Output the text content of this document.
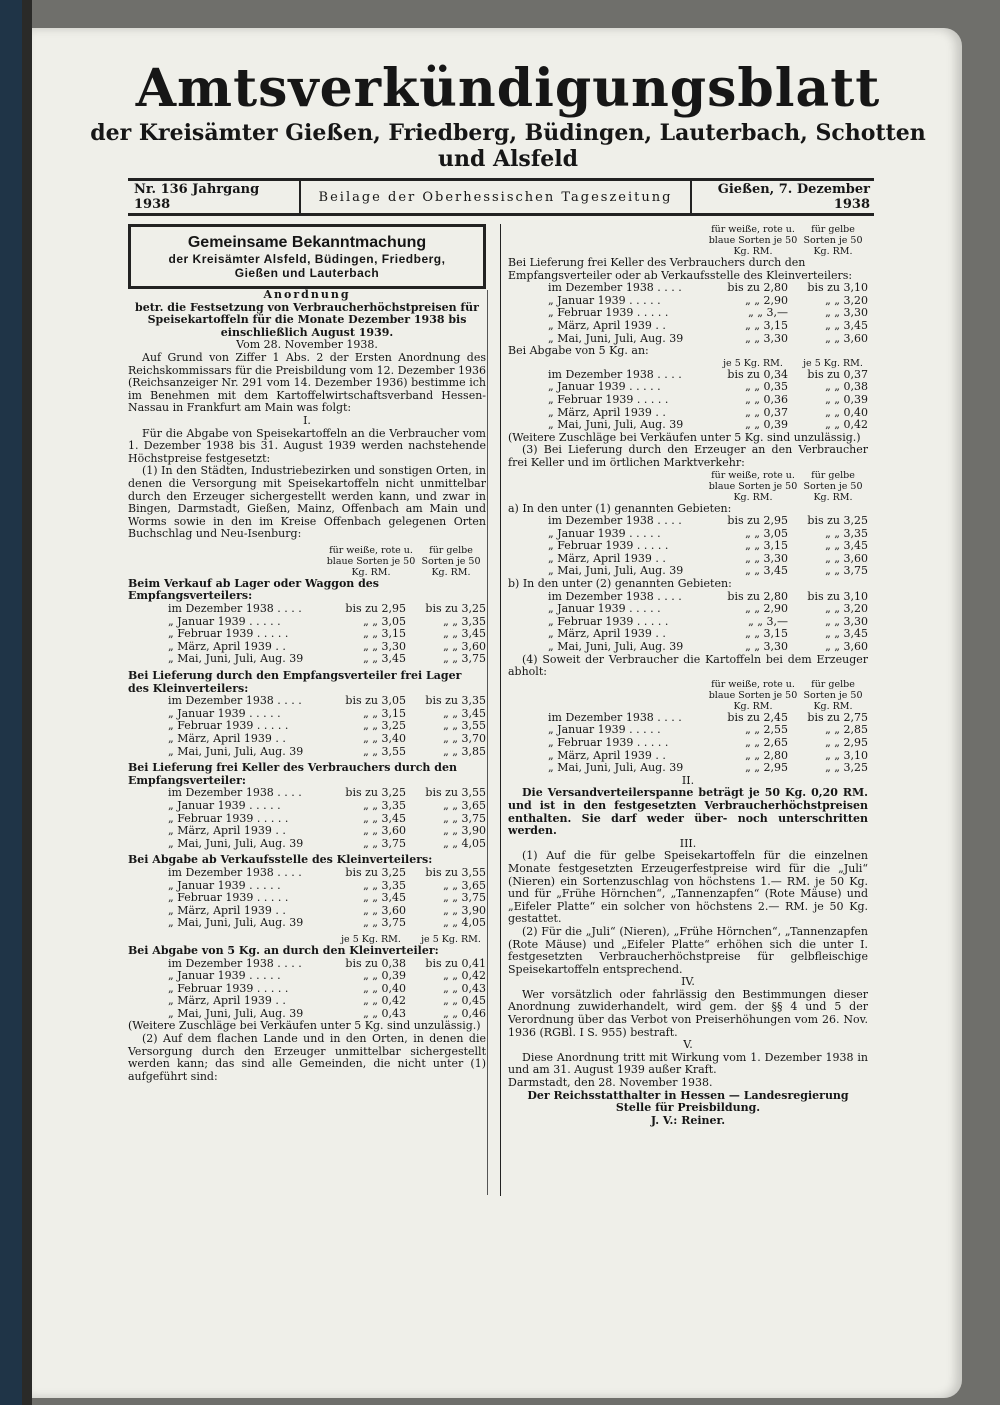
Amtsverkündigungsblatt

der Kreisämter Gießen, Friedberg, Büdingen, Lauterbach, Schotten und Alsfeld

Nr. 136 Jahrgang 1938	Beilage der Oberhessischen Tageszeitung	Gießen, 7. Dezember 1938
Gemeinsame Bekanntmachung
der Kreisämter Alsfeld, Büdingen, Friedberg,
Gießen und Lauterbach

Anordnung

betr. die Festsetzung von Verbraucherhöchstpreisen für Speisekartoffeln für die Monate Dezember 1938 bis einschließlich August 1939.

Vom 28. November 1938.

Auf Grund von Ziffer 1 Abs. 2 der Ersten Anordnung des Reichskommissars für die Preisbildung vom 12. Dezember 1936 (Reichsanzeiger Nr. 291 vom 14. Dezember 1936) bestimme ich im Benehmen mit dem Kartoffelwirtschaftsverband Hessen-Nassau in Frankfurt am Main was folgt:

I.

Für die Abgabe von Speisekartoffeln an die Verbraucher vom 1. Dezember 1938 bis 31. August 1939 werden nachstehende Höchstpreise festgesetzt:

(1) In den Städten, Industriebezirken und sonstigen Orten, in denen die Versorgung mit Speisekartoffeln nicht unmittelbar durch den Erzeuger sichergestellt werden kann, und zwar in Bingen, Darmstadt, Gießen, Mainz, Offenbach am Main und Worms sowie in den im Kreise Offenbach gelegenen Orten Buchschlag und Neu-Isenburg:

für weiße, rote u. blaue Sorten je 50 Kg. RM.
für gelbe Sorten je 50 Kg. RM.

Beim Verkauf ab Lager oder Waggon des Empfangsverteilers:

im Dezember 1938 . . . .	bis zu 2,95	bis zu 3,25
„ Januar 1939 . . . . .	„ „ 3,05	„ „ 3,35
„ Februar 1939 . . . . .	„ „ 3,15	„ „ 3,45
„ März, April 1939 . .	„ „ 3,30	„ „ 3,60
„ Mai, Juni, Juli, Aug. 39	„ „ 3,45	„ „ 3,75

Bei Lieferung durch den Empfangsverteiler frei Lager des Kleinverteilers:

im Dezember 1938 . . . .	bis zu 3,05	bis zu 3,35
„ Januar 1939 . . . . .	„ „ 3,15	„ „ 3,45
„ Februar 1939 . . . . .	„ „ 3,25	„ „ 3,55
„ März, April 1939 . .	„ „ 3,40	„ „ 3,70
„ Mai, Juni, Juli, Aug. 39	„ „ 3,55	„ „ 3,85

Bei Lieferung frei Keller des Verbrauchers durch den Empfangsverteiler:

im Dezember 1938 . . . .	bis zu 3,25	bis zu 3,55
„ Januar 1939 . . . . .	„ „ 3,35	„ „ 3,65
„ Februar 1939 . . . . .	„ „ 3,45	„ „ 3,75
„ März, April 1939 . .	„ „ 3,60	„ „ 3,90
„ Mai, Juni, Juli, Aug. 39	„ „ 3,75	„ „ 4,05

Bei Abgabe ab Verkaufsstelle des Kleinverteilers:

im Dezember 1938 . . . .	bis zu 3,25	bis zu 3,55
„ Januar 1939 . . . . .	„ „ 3,35	„ „ 3,65
„ Februar 1939 . . . . .	„ „ 3,45	„ „ 3,75
„ März, April 1939 . .	„ „ 3,60	„ „ 3,90
„ Mai, Juni, Juli, Aug. 39	„ „ 3,75	„ „ 4,05
je 5 Kg. RM.	je 5 Kg. RM.

Bei Abgabe von 5 Kg. an durch den Kleinverteiler:

im Dezember 1938 . . . .	bis zu 0,38	bis zu 0,41
„ Januar 1939 . . . . .	„ „ 0,39	„ „ 0,42
„ Februar 1939 . . . . .	„ „ 0,40	„ „ 0,43
„ März, April 1939 . .	„ „ 0,42	„ „ 0,45
„ Mai, Juni, Juli, Aug. 39	„ „ 0,43	„ „ 0,46

(Weitere Zuschläge bei Verkäufen unter 5 Kg. sind unzulässig.)

(2) Auf dem flachen Lande und in den Orten, in denen die Versorgung durch den Erzeuger unmittelbar sichergestellt werden kann; das sind alle Gemeinden, die nicht unter (1) aufgeführt sind:

für weiße, rote u. blaue Sorten je 50 Kg. RM.
für gelbe Sorten je 50 Kg. RM.

Bei Lieferung frei Keller des Verbrauchers durch den Empfangsverteiler oder ab Verkaufsstelle des Kleinverteilers:

im Dezember 1938 . . . .	bis zu 2,80	bis zu 3,10
„ Januar 1939 . . . . .	„ „ 2,90	„ „ 3,20
„ Februar 1939 . . . . .	„ „ 3,—	„ „ 3,30
„ März, April 1939 . .	„ „ 3,15	„ „ 3,45
„ Mai, Juni, Juli, Aug. 39	„ „ 3,30	„ „ 3,60

Bei Abgabe von 5 Kg. an:

je 5 Kg. RM.	je 5 Kg. RM.
im Dezember 1938 . . . .	bis zu 0,34	bis zu 0,37
„ Januar 1939 . . . . .	„ „ 0,35	„ „ 0,38
„ Februar 1939 . . . . .	„ „ 0,36	„ „ 0,39
„ März, April 1939 . .	„ „ 0,37	„ „ 0,40
„ Mai, Juni, Juli, Aug. 39	„ „ 0,39	„ „ 0,42

(Weitere Zuschläge bei Verkäufen unter 5 Kg. sind unzulässig.)

(3) Bei Lieferung durch den Erzeuger an den Verbraucher frei Keller und im örtlichen Marktverkehr:

für weiße, rote u. blaue Sorten je 50 Kg. RM.
für gelbe Sorten je 50 Kg. RM.

a) In den unter (1) genannten Gebieten:

im Dezember 1938 . . . .	bis zu 2,95	bis zu 3,25
„ Januar 1939 . . . . .	„ „ 3,05	„ „ 3,35
„ Februar 1939 . . . . .	„ „ 3,15	„ „ 3,45
„ März, April 1939 . .	„ „ 3,30	„ „ 3,60
„ Mai, Juni, Juli, Aug. 39	„ „ 3,45	„ „ 3,75

b) In den unter (2) genannten Gebieten:

im Dezember 1938 . . . .	bis zu 2,80	bis zu 3,10
„ Januar 1939 . . . . .	„ „ 2,90	„ „ 3,20
„ Februar 1939 . . . . .	„ „ 3,—	„ „ 3,30
„ März, April 1939 . .	„ „ 3,15	„ „ 3,45
„ Mai, Juni, Juli, Aug. 39	„ „ 3,30	„ „ 3,60

(4) Soweit der Verbraucher die Kartoffeln bei dem Erzeuger abholt:

für weiße, rote u. blaue Sorten je 50 Kg. RM.
für gelbe Sorten je 50 Kg. RM.
im Dezember 1938 . . . .	bis zu 2,45	bis zu 2,75
„ Januar 1939 . . . . .	„ „ 2,55	„ „ 2,85
„ Februar 1939 . . . . .	„ „ 2,65	„ „ 2,95
„ März, April 1939 . .	„ „ 2,80	„ „ 3,10
„ Mai, Juni, Juli, Aug. 39	„ „ 2,95	„ „ 3,25

II.

Die Versandverteilerspanne beträgt je 50 Kg. 0,20 RM. und ist in den festgesetzten Verbraucherhöchstpreisen enthalten. Sie darf weder über- noch unterschritten werden.

III.

(1) Auf die für gelbe Speisekartoffeln für die einzelnen Monate festgesetzten Erzeugerfestpreise wird für die „Juli“ (Nieren) ein Sortenzuschlag von höchstens 1.— RM. je 50 Kg. und für „Frühe Hörnchen“, „Tannenzapfen“ (Rote Mäuse) und „Eifeler Platte“ ein solcher von höchstens 2.— RM. je 50 Kg. gestattet.

(2) Für die „Juli“ (Nieren), „Frühe Hörnchen“, „Tannenzapfen (Rote Mäuse) und „Eifeler Platte“ erhöhen sich die unter I. festgesetzten Verbraucherhöchstpreise für gelbfleischige Speisekartoffeln entsprechend.

IV.

Wer vorsätzlich oder fahrlässig den Bestimmungen dieser Anordnung zuwiderhandelt, wird gem. der §§ 4 und 5 der Verordnung über das Verbot von Preiserhöhungen vom 26. Nov. 1936 (RGBl. I S. 955) bestraft.

V.

Diese Anordnung tritt mit Wirkung vom 1. Dezember 1938 in und am 31. August 1939 außer Kraft.

Darmstadt, den 28. November 1938.

Der Reichsstatthalter in Hessen — Landesregierung

Stelle für Preisbildung.

J. V.: Reiner.
